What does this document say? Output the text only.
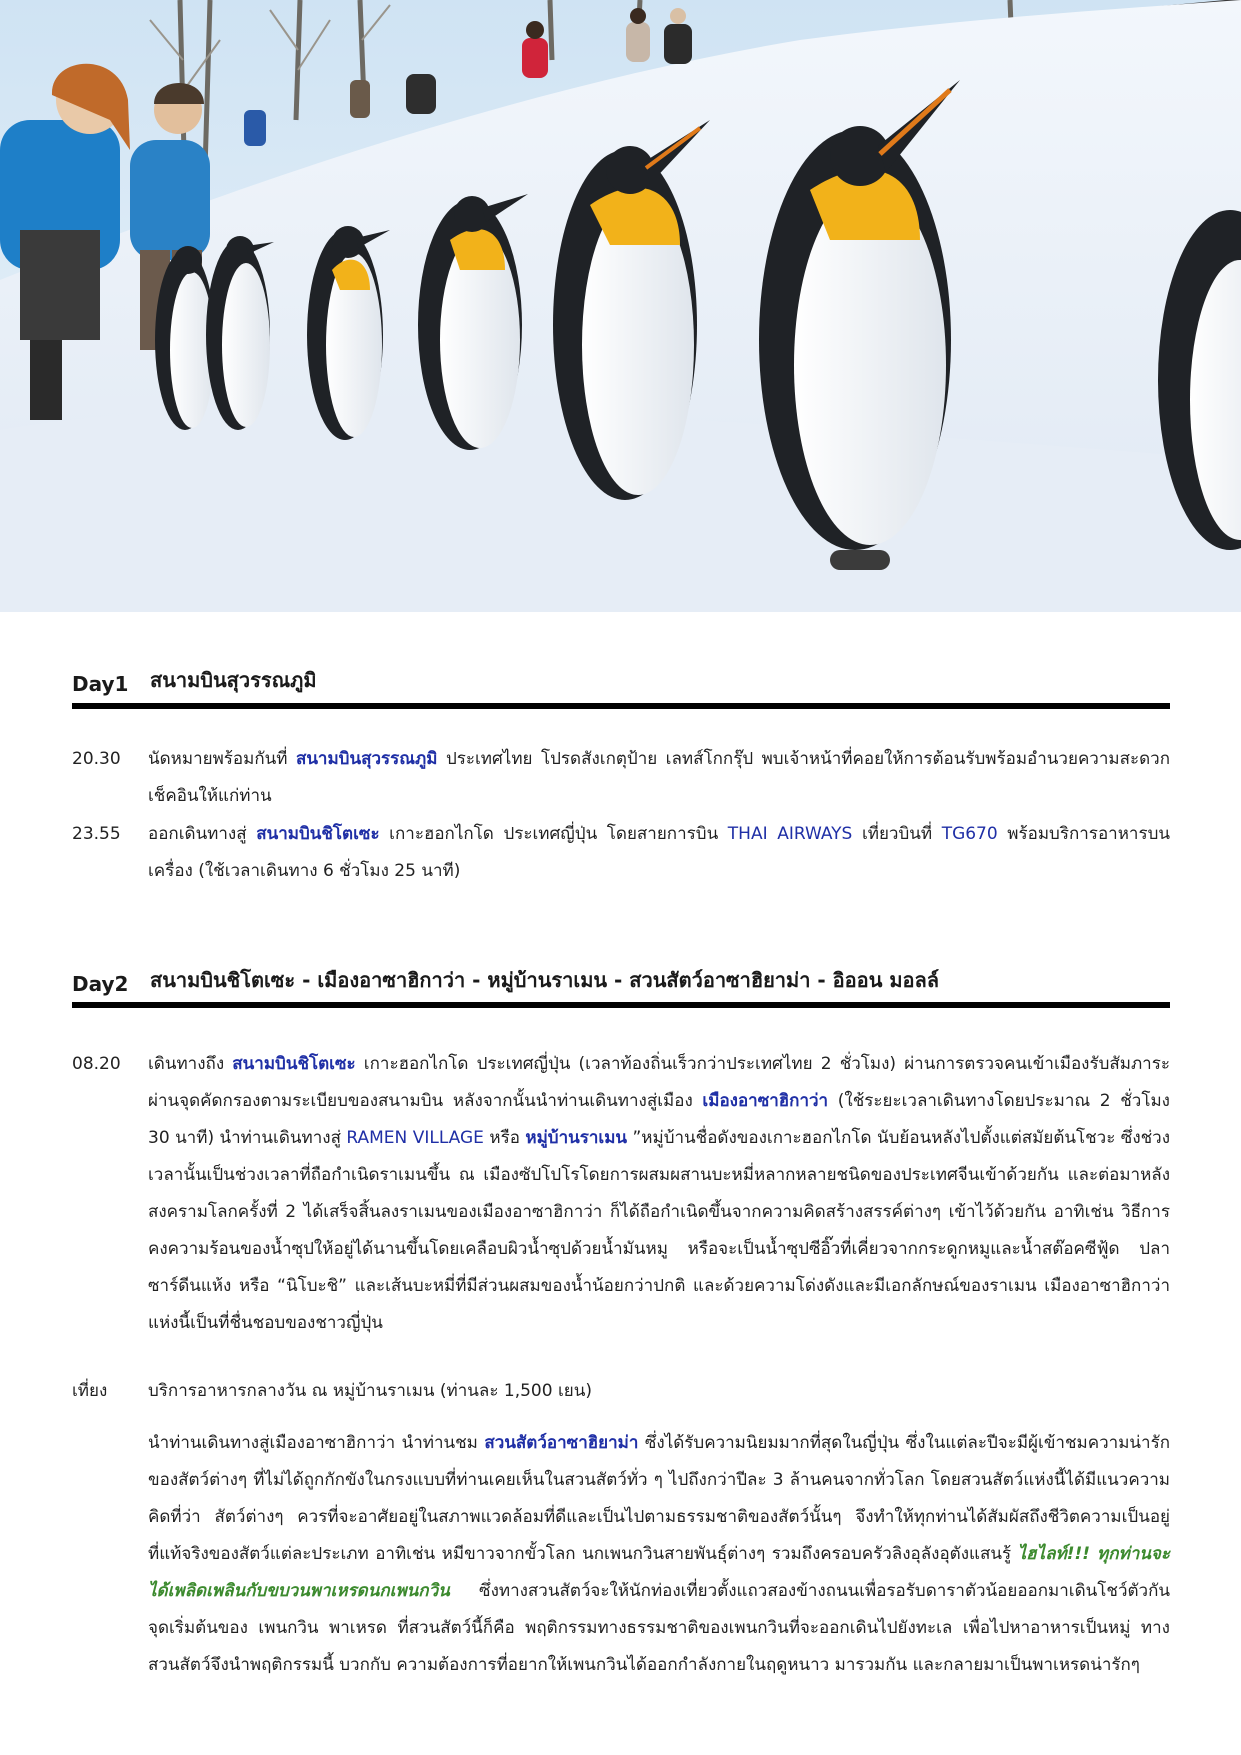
Day1	สนามบินสุวรรณภูมิ
20.30	นัดหมายพร้อมกันที่ สนามบินสุวรรณภูมิ ประเทศไทย โปรดสังเกตุป้าย เลทส์โกกรุ๊ป พบเจ้าหน้าที่คอยให้การต้อนรับพร้อมอำนวยความสะดวกเช็คอินให้แก่ท่าน
23.55	ออกเดินทางสู่ สนามบินชิโตเซะ เกาะฮอกไกโด ประเทศญี่ปุ่น โดยสายการบิน THAI AIRWAYS เที่ยวบินที่ TG670 พร้อมบริการอาหารบนเครื่อง (ใช้เวลาเดินทาง 6 ชั่วโมง 25 นาที)
Day2	สนามบินชิโตเซะ - เมืองอาซาฮิกาว่า - หมู่บ้านราเมน - สวนสัตว์อาซาฮิยาม่า - อิออน มอลล์
08.20	เดินทางถึง สนามบินชิโตเซะ เกาะฮอกไกโด ประเทศญี่ปุ่น (เวลาท้องถิ่นเร็วกว่าประเทศไทย 2 ชั่วโมง) ผ่านการตรวจคนเข้าเมืองรับสัมภาระผ่านจุดคัดกรองตามระเบียบของสนามบิน หลังจากนั้นนำท่านเดินทางสู่เมือง เมืองอาซาฮิกาว่า (ใช้ระยะเวลาเดินทางโดยประมาณ 2 ชั่วโมง 30 นาที) นำท่านเดินทางสู่ RAMEN VILLAGE หรือ หมู่บ้านราเมน ”หมู่บ้านชื่อดังของเกาะฮอกไกโด นับย้อนหลังไปตั้งแต่สมัยต้นโชวะ ซึ่งช่วงเวลานั้นเป็นช่วงเวลาที่ถือกำเนิดราเมนขึ้น ณ เมืองซัปโปโรโดยการผสมผสานบะหมี่หลากหลายชนิดของประเทศจีนเข้าด้วยกัน และต่อมาหลังสงครามโลกครั้งที่ 2 ได้เสร็จสิ้นลงราเมนของเมืองอาซาฮิกาว่า ก็ได้ถือกำเนิดขึ้นจากความคิดสร้างสรรค์ต่างๆ เข้าไว้ด้วยกัน อาทิเช่น วิธีการคงความร้อนของน้ำซุปให้อยู่ได้นานขึ้นโดยเคลือบผิวน้ำซุปด้วยน้ำมันหมู หรือจะเป็นน้ำซุปซีอิ๊วที่เคี่ยวจากกระดูกหมูและน้ำสต๊อคซีฟู้ด ปลาซาร์ดีนแห้ง หรือ “นิโบะชิ” และเส้นบะหมี่ที่มีส่วนผสมของน้ำน้อยกว่าปกติ และด้วยความโด่งดังและมีเอกลักษณ์ของราเมน เมืองอาซาฮิกาว่าแห่งนี้เป็นที่ชื่นชอบของชาวญี่ปุ่น
เที่ยง	บริการอาหารกลางวัน ณ หมู่บ้านราเมน (ท่านละ 1,500 เยน)
นำท่านเดินทางสู่เมืองอาซาฮิกาว่า นำท่านชม สวนสัตว์อาซาฮิยาม่า ซึ่งได้รับความนิยมมากที่สุดในญี่ปุ่น ซึ่งในแต่ละปีจะมีผู้เข้าชมความน่ารักของสัตว์ต่างๆ ที่ไม่ได้ถูกกักขังในกรงแบบที่ท่านเคยเห็นในสวนสัตว์ทั่ว ๆ ไปถึงกว่าปีละ 3 ล้านคนจากทั่วโลก โดยสวนสัตว์แห่งนี้ได้มีแนวความคิดที่ว่า สัตว์ต่างๆ ควรที่จะอาศัยอยู่ในสภาพแวดล้อมที่ดีและเป็นไปตามธรรมชาติของสัตว์นั้นๆ จึงทำให้ทุกท่านได้สัมผัสถึงชีวิตความเป็นอยู่ที่แท้จริงของสัตว์แต่ละประเภท อาทิเช่น หมีขาวจากขั้วโลก นกเพนกวินสายพันธุ์ต่างๆ รวมถึงครอบครัวลิงอุลังอุตังแสนรู้ ไฮไลท์!!! ทุกท่านจะได้เพลิดเพลินกับขบวนพาเหรดนกเพนกวิน ซึ่งทางสวนสัตว์จะให้นักท่องเที่ยวตั้งแถวสองข้างถนนเพื่อรอรับดาราตัวน้อยออกมาเดินโชว์ตัวกัน จุดเริ่มต้นของ เพนกวิน พาเหรด ที่สวนสัตว์นี้ก็คือ พฤติกรรมทางธรรมชาติของเพนกวินที่จะออกเดินไปยังทะเล เพื่อไปหาอาหารเป็นหมู่ ทางสวนสัตว์จึงนำพฤติกรรมนี้ บวกกับ ความต้องการที่อยากให้เพนกวินได้ออกกำลังกายในฤดูหนาว มารวมกัน และกลายมาเป็นพาเหรดน่ารักๆ
